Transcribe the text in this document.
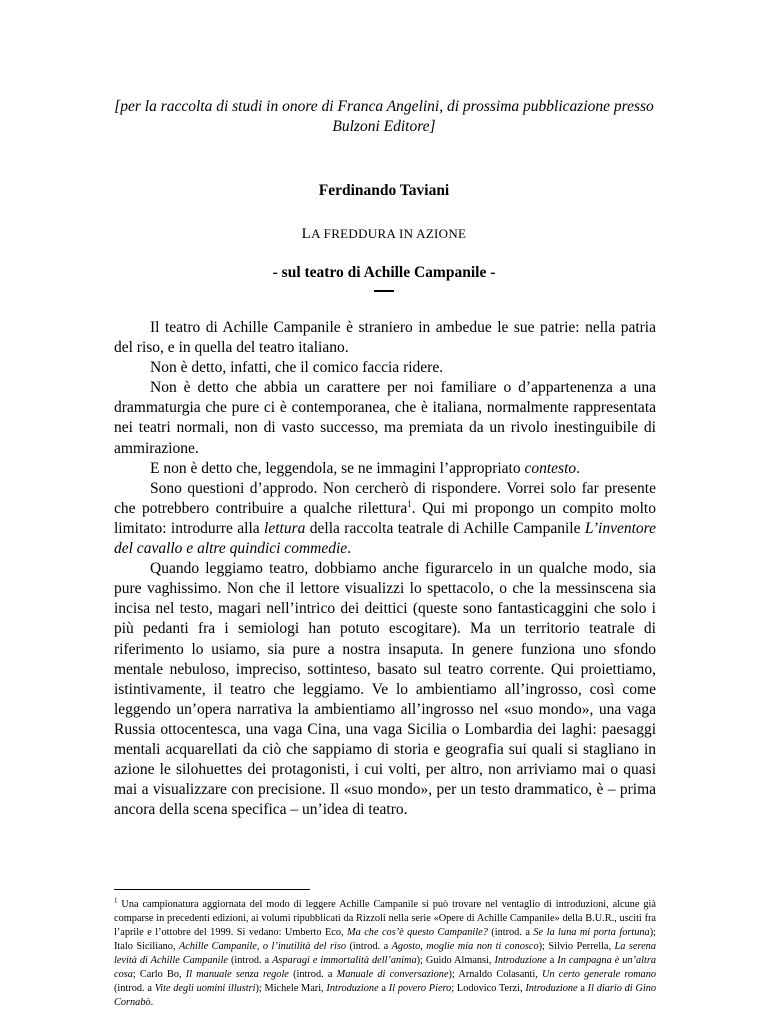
[per la raccolta di studi in onore di Franca Angelini, di prossima pubblicazione presso Bulzoni Editore]
Ferdinando Taviani
LA FREDDURA IN AZIONE
- sul teatro di Achille Campanile -

Il teatro di Achille Campanile è straniero in ambedue le sue patrie: nella patria del riso, e in quella del teatro italiano.

Non è detto, infatti, che il comico faccia ridere.

Non è detto che abbia un carattere per noi familiare o d’appartenenza a una drammaturgia che pure ci è contemporanea, che è italiana, normalmente rappresentata nei teatri normali, non di vasto successo, ma premiata da un rivolo inestinguibile di ammirazione.

E non è detto che, leggendola, se ne immagini l’appropriato contesto.

Sono questioni d’approdo. Non cercherò di rispondere. Vorrei solo far presente che potrebbero contribuire a qualche rilettura$^1$. Qui mi propongo un compito molto limitato: introdurre alla lettura della raccolta teatrale di Achille Campanile L’inventore del cavallo e altre quindici commedie.

Quando leggiamo teatro, dobbiamo anche figurarcelo in un qualche modo, sia pure vaghissimo. Non che il lettore visualizzi lo spettacolo, o che la messinscena sia incisa nel testo, magari nell’intrico dei deittici (queste sono fantasticaggini che solo i più pedanti fra i semiologi han potuto escogitare). Ma un territorio teatrale di riferimento lo usiamo, sia pure a nostra insaputa. In genere funziona uno sfondo mentale nebuloso, impreciso, sottinteso, basato sul teatro corrente. Qui proiettiamo, istintivamente, il teatro che leggiamo. Ve lo ambientiamo all’ingrosso, così come leggendo un’opera narrativa la ambientiamo all’ingrosso nel «suo mondo», una vaga Russia ottocentesca, una vaga Cina, una vaga Sicilia o Lombardia dei laghi: paesaggi mentali acquarellati da ciò che sappiamo di storia e geografia sui quali si stagliano in azione le silohuettes dei protagonisti, i cui volti, per altro, non arriviamo mai o quasi mai a visualizzare con precisione. Il «suo mondo», per un testo drammatico, è – prima ancora della scena specifica – un’idea di teatro.

$^1$ Una campionatura aggiornata del modo di leggere Achille Campanile si può trovare nel ventaglio di introduzioni, alcune già comparse in precedenti edizioni, ai volumi ripubblicati da Rizzoli nella serie «Opere di Achille Campanile» della B.U.R., usciti fra l’aprile e l’ottobre del 1999. Si vedano: Umberto Eco, Ma che cos’è questo Campanile? (introd. a Se la luna mi porta fortuna); Italo Siciliano, Achille Campanile, o l’inutilità del riso (introd. a Agosto, moglie mia non ti conosco); Silvio Perrella, La serena levità di Achille Campanile (introd. a Asparagi e immortalità dell’anima); Guido Almansi, Introduzione a In campagna è un’altra cosa; Carlo Bo, Il manuale senza regole (introd. a Manuale di conversazione); Arnaldo Colasanti, Un certo generale romano (introd. a Vite degli uomini illustri); Michele Mari, Introduzione a Il povero Piero; Lodovico Terzi, Introduzione a Il diario di Gino Cornabò.
